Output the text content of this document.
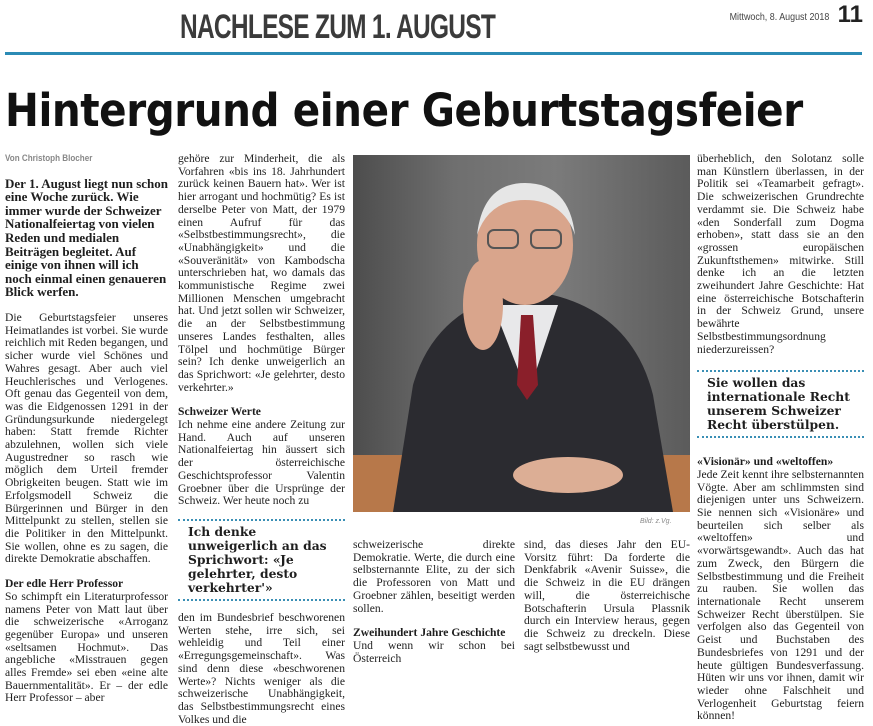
NACHLESE ZUM 1. AUGUST	Mittwoch, 8. August 2018 11
Hintergrund einer Geburtstagsfeier

Von Christoph Blocher

Der 1. August liegt nun schon eine Woche zurück. Wie immer wurde der Schweizer Nationalfeiertag von vielen Reden und medialen Beiträgen begleitet. Auf einige von ihnen will ich noch einmal einen genaueren Blick werfen.

Die Geburtstagsfeier unseres Heimatlandes ist vorbei. Sie wurde reichlich mit Reden begangen, und sicher wurde viel Schönes und Wahres gesagt. Aber auch viel Heuchlerisches und Verlogenes. Oft genau das Gegenteil von dem, was die Eidgenossen 1291 in der Gründungsurkunde niedergelegt haben: Statt fremde Richter abzulehnen, wollen sich viele Augustredner so rasch wie möglich dem Urteil fremder Obrigkeiten beugen. Statt wie im Erfolgsmodell Schweiz die Bürgerinnen und Bürger in den Mittelpunkt zu stellen, stellen sie die Politiker in den Mittelpunkt. Sie wollen, ohne es zu sagen, die direkte Demokratie abschaffen.

Der edle Herr Professor

So schimpft ein Literaturprofessor namens Peter von Matt laut über die schweizerische «Arroganz gegenüber Europa» und unseren «seltsamen Hochmut». Das angebliche «Misstrauen gegen alles Fremde» sei eben «eine alte Bauernmentalität». Er – der edle Herr Professor – aber

gehöre zur Minderheit, die als Vorfahren «bis ins 18. Jahrhundert zurück keinen Bauern hat». Wer ist hier arrogant und hochmütig? Es ist derselbe Peter von Matt, der 1979 einen Aufruf für das «Selbstbestimmungsrecht», die «Unabhängigkeit» und die «Souveränität» von Kambodscha unterschrieben hat, wo damals das kommunistische Regime zwei Millionen Menschen umgebracht hat. Und jetzt sollen wir Schweizer, die an der Selbstbestimmung unseres Landes festhalten, alles Tölpel und hochmütige Bürger sein? Ich denke unweigerlich an das Sprichwort: «Je gelehrter, desto verkehrter.»

Schweizer Werte

Ich nehme eine andere Zeitung zur Hand. Auch auf unseren Nationalfeiertag hin äussert sich der österreichische Geschichtsprofessor Valentin Groebner über die Ursprünge der Schweiz. Wer heute noch zu

Ich denke unweigerlich an das Sprichwort: «Je gelehrter, desto verkehrter'»

den im Bundesbrief beschworenen Werten stehe, irre sich, sei wehleidig und Teil einer «Erregungsgemeinschaft». Was sind denn diese «beschworenen Werte»? Nichts weniger als die schweizerische Unabhängigkeit, das Selbstbestimmungsrecht eines Volkes und die

Bild: z.Vg.

schweizerische direkte Demokratie. Werte, die durch eine selbsternannte Elite, zu der sich die Professoren von Matt und Groebner zählen, beseitigt werden sollen.

Zweihundert Jahre Geschichte

Und wenn wir schon bei Österreich

sind, das dieses Jahr den EU-Vorsitz führt: Da forderte die Denkfabrik «Avenir Suisse», die die Schweiz in die EU drängen will, die österreichische Botschafterin Ursula Plassnik durch ein Interview heraus, gegen die Schweiz zu dreckeln. Diese sagt selbstbewusst und

überheblich, den Solotanz solle man Künstlern überlassen, in der Politik sei «Teamarbeit gefragt». Die schweizerischen Grundrechte verdammt sie. Die Schweiz habe «den Sonderfall zum Dogma erhoben», statt dass sie an den «grossen europäischen Zukunftsthemen» mitwirke. Still denke ich an die letzten zweihundert Jahre Geschichte: Hat eine österreichische Botschafterin in der Schweiz Grund, unsere bewährte Selbstbestimmungsordnung niederzureissen?

Sie wollen das internationale Recht unserem Schweizer Recht überstülpen.

«Visionär» und «weltoffen»

Jede Zeit kennt ihre selbsternannten Vögte. Aber am schlimmsten sind diejenigen unter uns Schweizern. Sie nennen sich «Visionäre» und beurteilen sich selber als «weltoffen» und «vorwärtsgewandt». Auch das hat zum Zweck, den Bürgern die Selbstbestimmung und die Freiheit zu rauben. Sie wollen das internationale Recht unserem Schweizer Recht überstülpen. Sie verfolgen also das Gegenteil von Geist und Buchstaben des Bundesbriefes von 1291 und der heute gültigen Bundesverfassung. Hüten wir uns vor ihnen, damit wir wieder ohne Falschheit und Verlogenheit Geburtstag feiern können!
